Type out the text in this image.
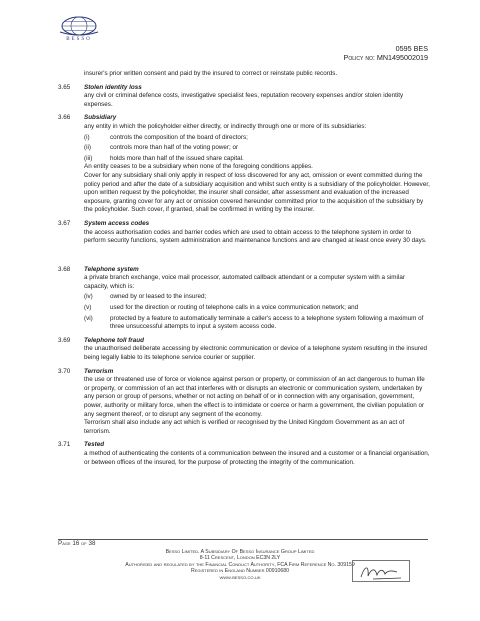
BESSO
0595 BES
Policy no: MN1495002019

insurer's prior written consent and paid by the insured to correct or reinstate public records.

3.65	Stolen identity loss

any civil or criminal defence costs, investigative specialist fees, reputation recovery expenses and/or stolen identity expenses.

3.66	Subsidiary

any entity in which the policyholder either directly, or indirectly through one or more of its subsidiaries:

(i)	controls the composition of the board of directors;
(ii)	controls more than half of the voting power; or
(iii)	holds more than half of the issued share capital.

An entity ceases to be a subsidiary when none of the foregoing conditions applies.

Cover for any subsidiary shall only apply in respect of loss discovered for any act, omission or event committed during the policy period and after the date of a subsidiary acquisition and whilst such entity is a subsidiary of the policyholder. However, upon written request by the policyholder, the insurer shall consider, after assessment and evaluation of the increased exposure, granting cover for any act or omission covered hereunder committed prior to the acquisition of the subsidiary by the policyholder. Such cover, if granted, shall be confirmed in writing by the insurer.

3.67	System access codes

the access authorisation codes and barrier codes which are used to obtain access to the telephone system in order to perform security functions, system administration and maintenance functions and are changed at least once every 30 days.

3.68	Telephone system

a private branch exchange, voice mail processor, automated callback attendant or a computer system with a similar capacity, which is:

(iv)	owned by or leased to the insured;
(v)	used for the direction or routing of telephone calls in a voice communication network; and
(vi)	protected by a feature to automatically terminate a caller's access to a telephone system following a maximum of three unsuccessful attempts to input a system access code.
3.69	Telephone toll fraud

the unauthorised deliberate accessing by electronic communication or device of a telephone system resulting in the insured being legally liable to its telephone service courier or supplier.

3.70	Terrorism

the use or threatened use of force or violence against person or property, or commission of an act dangerous to human life or property, or commission of an act that interferes with or disrupts an electronic or communication system, undertaken by any person or group of persons, whether or not acting on behalf of or in connection with any organisation, government, power, authority or military force, when the effect is to intimidate or coerce or harm a government, the civilian population or any segment thereof, or to disrupt any segment of the economy.

Terrorism shall also include any act which is verified or recognised by the United Kingdom Government as an act of terrorism.

3.71	Tested

a method of authenticating the contents of a communication between the insured and a customer or a financial organisation, or between offices of the insured, for the purpose of protecting the integrity of the communication.

Page 16 of 38
Besso Limited. A Subsidiary Of Besso Insurance Group Limited
8-11 Crescent, London EC3N 2LY
Authorised and regulated by the Financial Conduct Authority, FCA Firm Reference No. 309159
Registered in England Number 00910680
www.besso.co.uk
